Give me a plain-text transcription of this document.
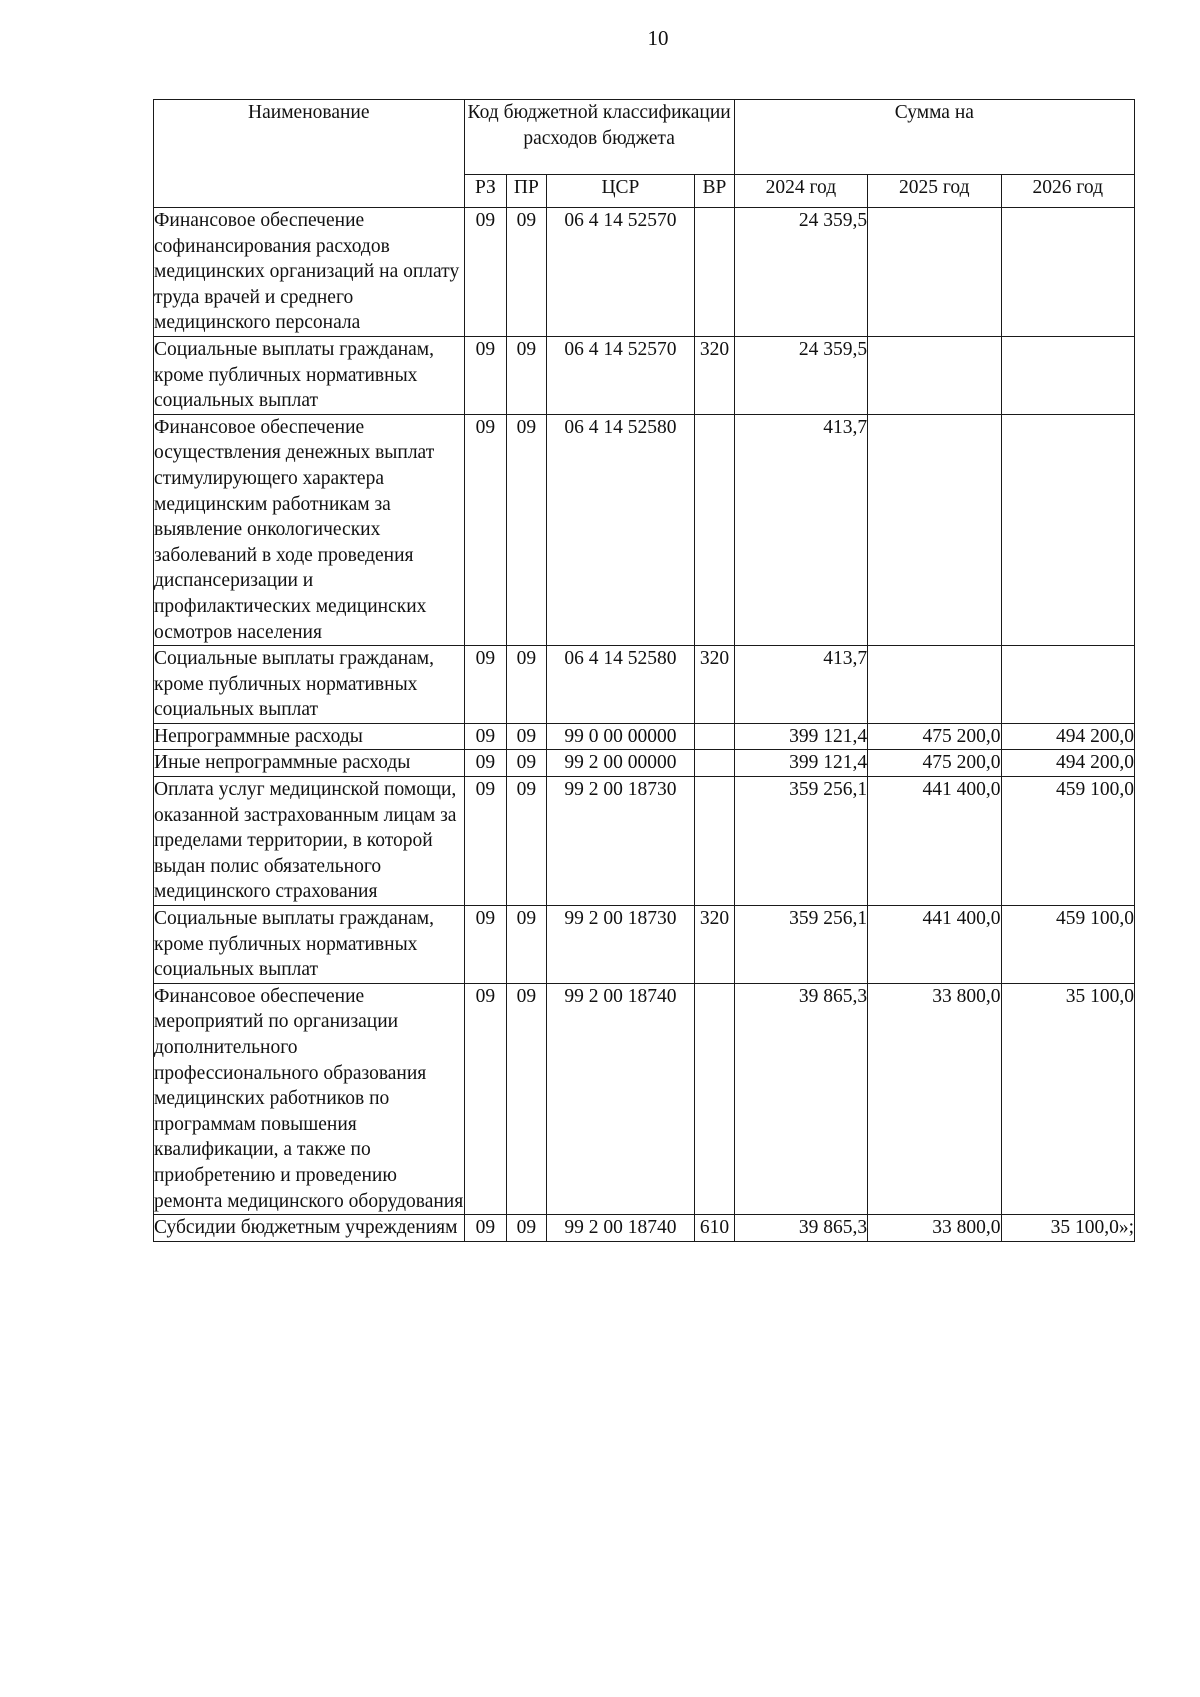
10
Наименование	Код бюджетной классификации расходов бюджета				Сумма на		
	РЗ	ПР	ЦСР	ВР	2024 год	2025 год	2026 год
Финансовое обеспечение софинансирования расходов медицинских организаций на оплату труда врачей и среднего медицинского персонала	09	09	06 4 14 52570		24 359,5		
Социальные выплаты гражданам, кроме публичных нормативных социальных выплат	09	09	06 4 14 52570	320	24 359,5		
Финансовое обеспечение осуществления денежных выплат стимулирующего характера медицинским работникам за выявление онкологических заболеваний в ходе проведения диспансеризации и профилактических медицинских осмотров населения	09	09	06 4 14 52580		413,7		
Социальные выплаты гражданам, кроме публичных нормативных социальных выплат	09	09	06 4 14 52580	320	413,7		
Непрограммные расходы	09	09	99 0 00 00000		399 121,4	475 200,0	494 200,0
Иные непрограммные расходы	09	09	99 2 00 00000		399 121,4	475 200,0	494 200,0
Оплата услуг медицинской помощи, оказанной застрахованным лицам за пределами территории, в которой выдан полис обязательного медицинского страхования	09	09	99 2 00 18730		359 256,1	441 400,0	459 100,0
Социальные выплаты гражданам, кроме публичных нормативных социальных выплат	09	09	99 2 00 18730	320	359 256,1	441 400,0	459 100,0
Финансовое обеспечение мероприятий по организации дополнительного профессионального образования медицинских работников по программам повышения квалификации, а также по приобретению и проведению ремонта медицинского оборудования	09	09	99 2 00 18740		39 865,3	33 800,0	35 100,0
Субсидии бюджетным учреждениям	09	09	99 2 00 18740	610	39 865,3	33 800,0	35 100,0»;
